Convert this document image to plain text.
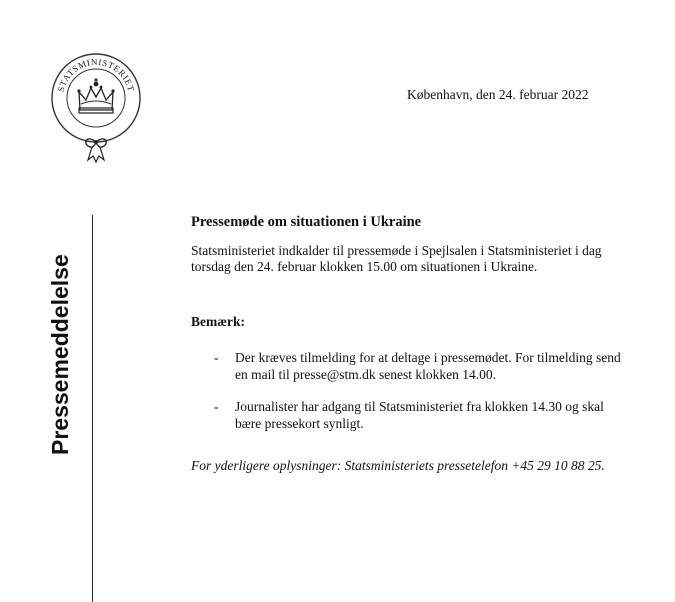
STATSMINISTERIET	København, den 24. februar 2022
Pressemeddelelse
Pressemøde om situationen i Ukraine
Statsministeriet indkalder til pressemøde i Spejlsalen i Statsministeriet i dag torsdag den 24. februar klokken 15.00 om situationen i Ukraine.
Bemærk:
- Der kræves tilmelding for at deltage i pressemødet. For tilmelding send en mail til presse@stm.dk senest klokken 14.00.
- Journalister har adgang til Statsministeriet fra klokken 14.30 og skal bære pressekort synligt.
For yderligere oplysninger: Statsministeriets pressetelefon +45 29 10 88 25.
